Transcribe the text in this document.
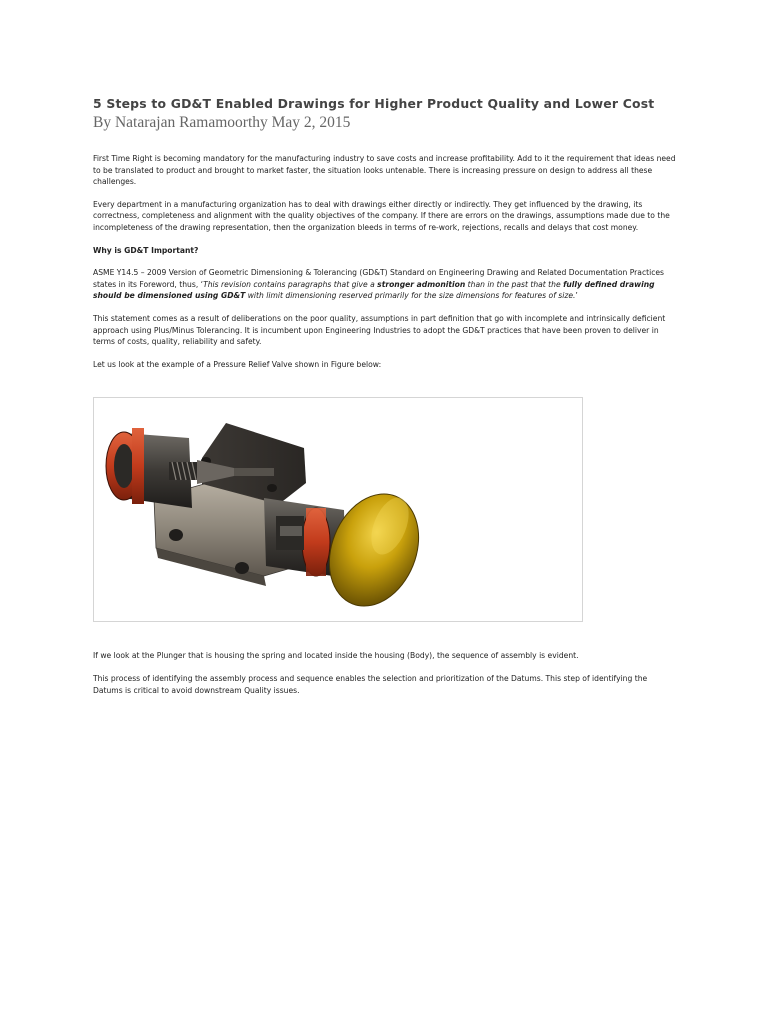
5 Steps to GD&T Enabled Drawings for Higher Product Quality and Lower Cost
By Natarajan Ramamoorthy May 2, 2015

First Time Right is becoming mandatory for the manufacturing industry to save costs and increase profitability. Add to it the requirement that ideas need to be translated to product and brought to market faster, the situation looks untenable. There is increasing pressure on design to address all these challenges.

Every department in a manufacturing organization has to deal with drawings either directly or indirectly. They get influenced by the drawing, its correctness, completeness and alignment with the quality objectives of the company. If there are errors on the drawings, assumptions made due to the incompleteness of the drawing representation, then the organization bleeds in terms of re-work, rejections, recalls and delays that cost money.

Why is GD&T Important?

ASME Y14.5 – 2009 Version of Geometric Dimensioning & Tolerancing (GD&T) Standard on Engineering Drawing and Related Documentation Practices states in its Foreword, thus, ‘This revision contains paragraphs that give a stronger admonition than in the past that the fully defined drawing should be dimensioned using GD&T with limit dimensioning reserved primarily for the size dimensions for features of size.’

This statement comes as a result of deliberations on the poor quality, assumptions in part definition that go with incomplete and intrinsically deficient approach using Plus/Minus Tolerancing. It is incumbent upon Engineering Industries to adopt the GD&T practices that have been proven to deliver in terms of costs, quality, reliability and safety.

Let us look at the example of a Pressure Relief Valve shown in Figure below:

If we look at the Plunger that is housing the spring and located inside the housing (Body), the sequence of assembly is evident.

This process of identifying the assembly process and sequence enables the selection and prioritization of the Datums. This step of identifying the Datums is critical to avoid downstream Quality issues.
